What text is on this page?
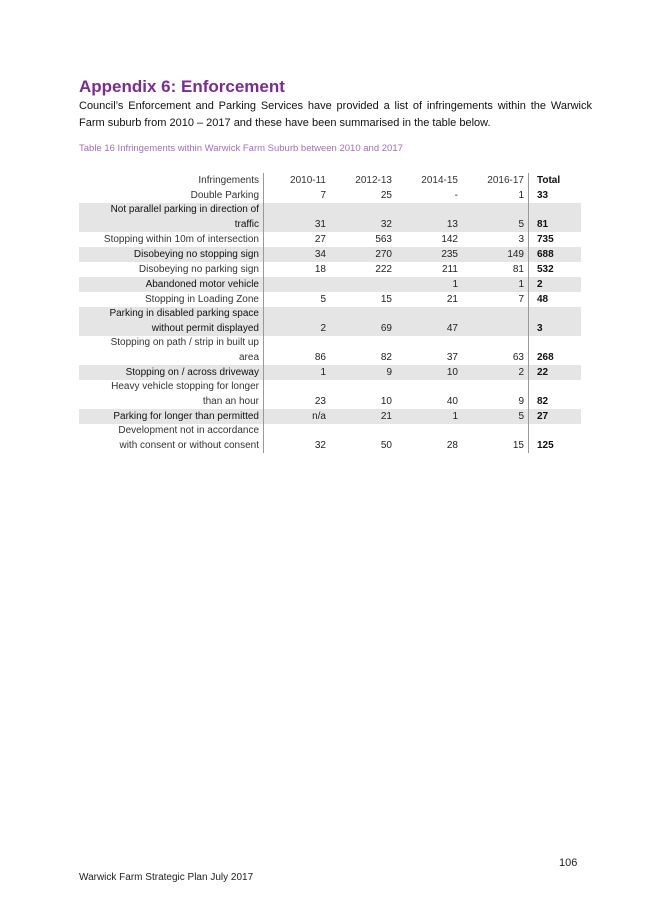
Appendix 6: Enforcement
Council’s Enforcement and Parking Services have provided a list of infringements within the Warwick Farm suburb from 2010 – 2017 and these have been summarised in the table below.
Table 16 Infringements within Warwick Farm Suburb between 2010 and 2017
Infringements	2010-11	2012-13	2014-15	2016-17	Total
Double Parking	7	25	-	1	33
Not parallel parking in direction of					
traffic	31	32	13	5	81
Stopping within 10m of intersection	27	563	142	3	735
Disobeying no stopping sign	34	270	235	149	688
Disobeying no parking sign	18	222	211	81	532
Abandoned motor vehicle			1	1	2
Stopping in Loading Zone	5	15	21	7	48
Parking in disabled parking space					
without permit displayed	2	69	47		3
Stopping on path / strip in built up					
area	86	82	37	63	268
Stopping on / across driveway	1	9	10	2	22
Heavy vehicle stopping for longer					
than an hour	23	10	40	9	82
Parking for longer than permitted	n/a	21	1	5	27
Development not in accordance					
with consent or without consent	32	50	28	15	125
106
Warwick Farm Strategic Plan July 2017
